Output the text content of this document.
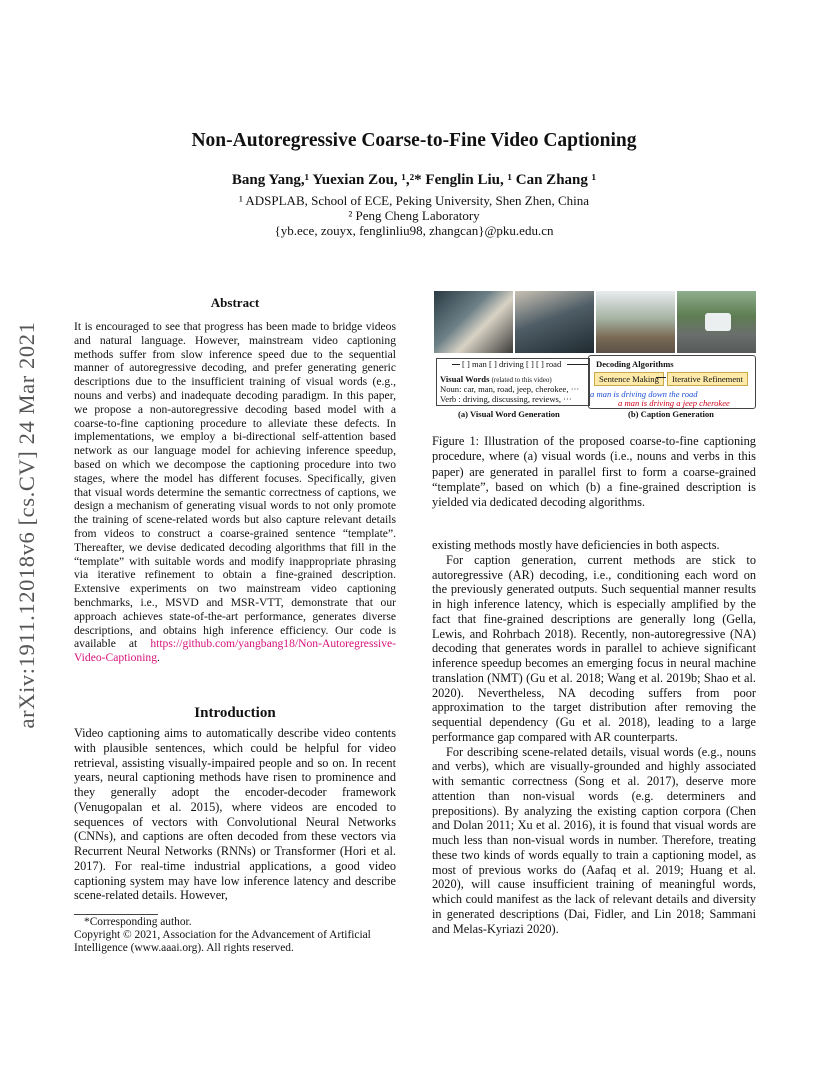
arXiv:1911.12018v6 [cs.CV] 24 Mar 2021
Non-Autoregressive Coarse-to-Fine Video Captioning
Bang Yang,¹ Yuexian Zou, ¹,²* Fenglin Liu, ¹ Can Zhang ¹
¹ ADSPLAB, School of ECE, Peking University, Shen Zhen, China
² Peng Cheng Laboratory
{yb.ece, zouyx, fenglinliu98, zhangcan}@pku.edu.cn
Abstract
It is encouraged to see that progress has been made to bridge videos and natural language. However, mainstream video captioning methods suffer from slow inference speed due to the sequential manner of autoregressive decoding, and prefer generating generic descriptions due to the insufficient training of visual words (e.g., nouns and verbs) and inadequate decoding paradigm. In this paper, we propose a non-autoregressive decoding based model with a coarse-to-fine captioning procedure to alleviate these defects. In implementations, we employ a bi-directional self-attention based network as our language model for achieving inference speedup, based on which we decompose the captioning procedure into two stages, where the model has different focuses. Specifically, given that visual words determine the semantic correctness of captions, we design a mechanism of generating visual words to not only promote the training of scene-related words but also capture relevant details from videos to construct a coarse-grained sentence “template”. Thereafter, we devise dedicated decoding algorithms that fill in the “template” with suitable words and modify inappropriate phrasing via iterative refinement to obtain a fine-grained description. Extensive experiments on two mainstream video captioning benchmarks, i.e., MSVD and MSR-VTT, demonstrate that our approach achieves state-of-the-art performance, generates diverse descriptions, and obtains high inference efficiency. Our code is available at https://github.com/yangbang18/Non-Autoregressive-Video-Captioning.
Introduction
Video captioning aims to automatically describe video contents with plausible sentences, which could be helpful for video retrieval, assisting visually-impaired people and so on. In recent years, neural captioning methods have risen to prominence and they generally adopt the encoder-decoder framework (Venugopalan et al. 2015), where videos are encoded to sequences of vectors with Convolutional Neural Networks (CNNs), and captions are often decoded from these vectors via Recurrent Neural Networks (RNNs) or Transformer (Hori et al. 2017). For real-time industrial applications, a good video captioning system may have low inference latency and describe scene-related details. However,
*Corresponding author.
Copyright © 2021, Association for the Advancement of Artificial Intelligence (www.aaai.org). All rights reserved.
[ ] man [ ] driving [ ] [ ] road
Visual Words (related to this video)
Noun: car, man, road, jeep, cherokee, ···
Verb : driving, discussing, reviews, ···
Decoding Algorithms
Sentence Making	Iterative Refinement
a man is driving down the road
a man is driving a jeep cherokee
(a) Visual Word Generation	(b) Caption Generation
Figure 1: Illustration of the proposed coarse-to-fine captioning procedure, where (a) visual words (i.e., nouns and verbs in this paper) are generated in parallel first to form a coarse-grained “template”, based on which (b) a fine-grained description is yielded via dedicated decoding algorithms.

existing methods mostly have deficiencies in both aspects.

For caption generation, current methods are stick to autoregressive (AR) decoding, i.e., conditioning each word on the previously generated outputs. Such sequential manner results in high inference latency, which is especially amplified by the fact that fine-grained descriptions are generally long (Gella, Lewis, and Rohrbach 2018). Recently, non-autoregressive (NA) decoding that generates words in parallel to achieve significant inference speedup becomes an emerging focus in neural machine translation (NMT) (Gu et al. 2018; Wang et al. 2019b; Shao et al. 2020). Nevertheless, NA decoding suffers from poor approximation to the target distribution after removing the sequential dependency (Gu et al. 2018), leading to a large performance gap compared with AR counterparts.

For describing scene-related details, visual words (e.g., nouns and verbs), which are visually-grounded and highly associated with semantic correctness (Song et al. 2017), deserve more attention than non-visual words (e.g. determiners and prepositions). By analyzing the existing caption corpora (Chen and Dolan 2011; Xu et al. 2016), it is found that visual words are much less than non-visual words in number. Therefore, treating these two kinds of words equally to train a captioning model, as most of previous works do (Aafaq et al. 2019; Huang et al. 2020), will cause insufficient training of meaningful words, which could manifest as the lack of relevant details and diversity in generated descriptions (Dai, Fidler, and Lin 2018; Sammani and Melas-Kyriazi 2020).
